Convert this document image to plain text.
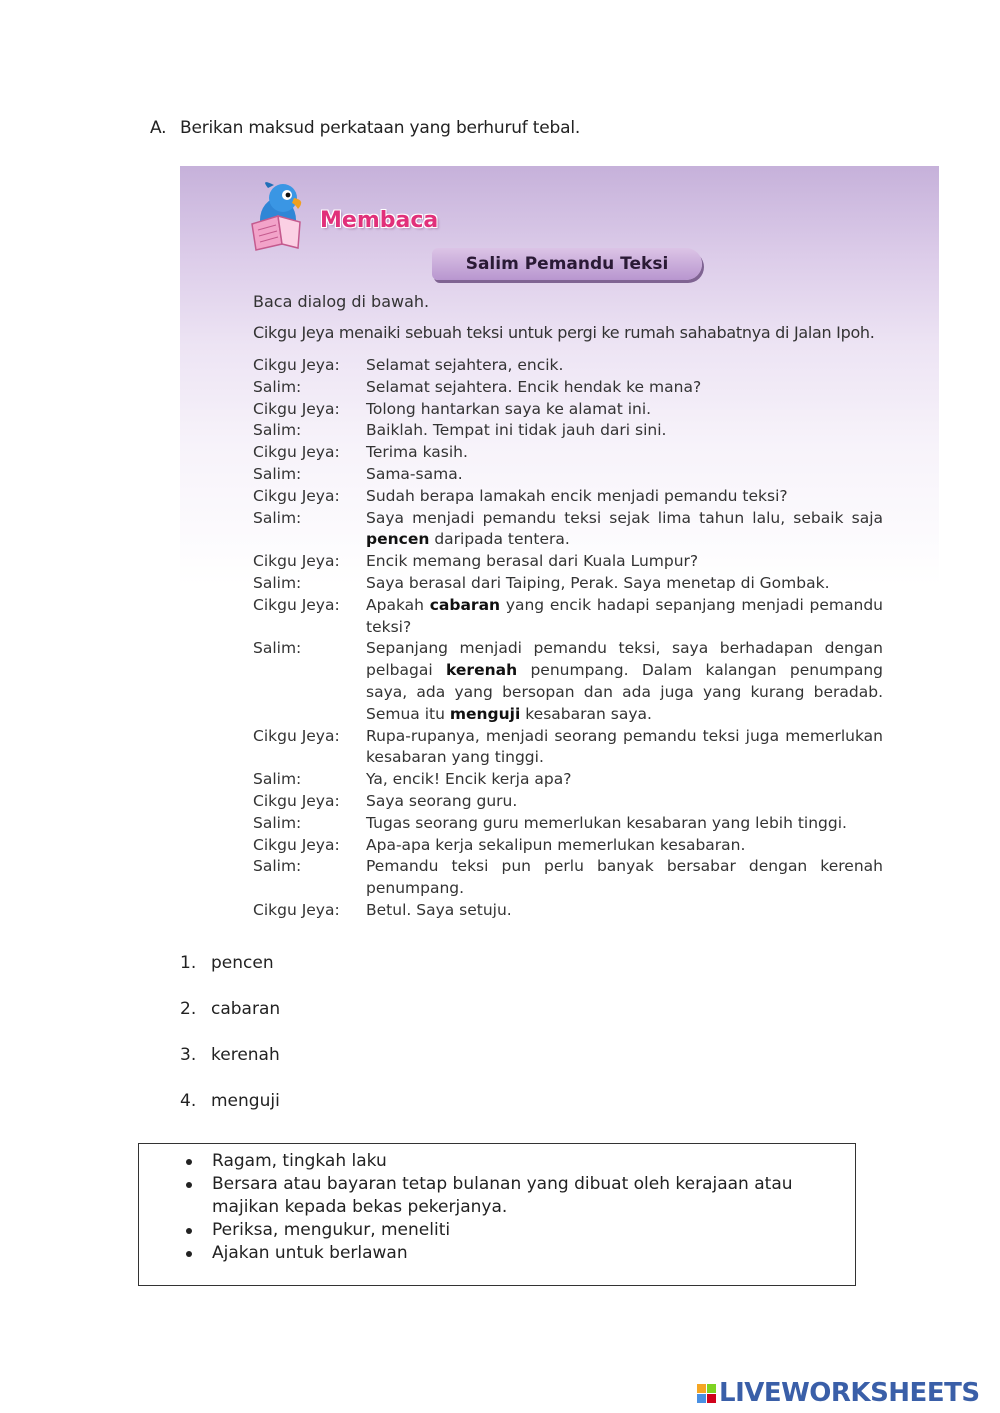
A. Berikan maksud perkataan yang berhuruf tebal.
Membaca
Salim Pemandu Teksi
Baca dialog di bawah.
Cikgu Jeya menaiki sebuah teksi untuk pergi ke rumah sahabatnya di Jalan Ipoh.
Cikgu Jeya:	Selamat sejahtera, encik.
Salim:	Selamat sejahtera. Encik hendak ke mana?
Cikgu Jeya:	Tolong hantarkan saya ke alamat ini.
Salim:	Baiklah. Tempat ini tidak jauh dari sini.
Cikgu Jeya:	Terima kasih.
Salim:	Sama-sama.
Cikgu Jeya:	Sudah berapa lamakah encik menjadi pemandu teksi?
Salim:	Saya menjadi pemandu teksi sejak lima tahun lalu, sebaik saja pencen daripada tentera.
Cikgu Jeya:	Encik memang berasal dari Kuala Lumpur?
Salim:	Saya berasal dari Taiping, Perak. Saya menetap di Gombak.
Cikgu Jeya:	Apakah cabaran yang encik hadapi sepanjang menjadi pemandu teksi?
Salim:	Sepanjang menjadi pemandu teksi, saya berhadapan dengan pelbagai kerenah penumpang. Dalam kalangan penumpang saya, ada yang bersopan dan ada juga yang kurang beradab. Semua itu menguji kesabaran saya.
Cikgu Jeya:	Rupa-rupanya, menjadi seorang pemandu teksi juga memerlukan kesabaran yang tinggi.
Salim:	Ya, encik! Encik kerja apa?
Cikgu Jeya:	Saya seorang guru.
Salim:	Tugas seorang guru memerlukan kesabaran yang lebih tinggi.
Cikgu Jeya:	Apa-apa kerja sekalipun memerlukan kesabaran.
Salim:	Pemandu teksi pun perlu banyak bersabar dengan kerenah penumpang.
Cikgu Jeya:	Betul. Saya setuju.
1. pencen
2. cabaran
3. kerenah
4. menguji
Ragam, tingkah laku
Bersara atau bayaran tetap bulanan yang dibuat oleh kerajaan atau majikan kepada bekas pekerjanya.
Periksa, mengukur, meneliti
Ajakan untuk berlawan
LIVEWORKSHEETS
